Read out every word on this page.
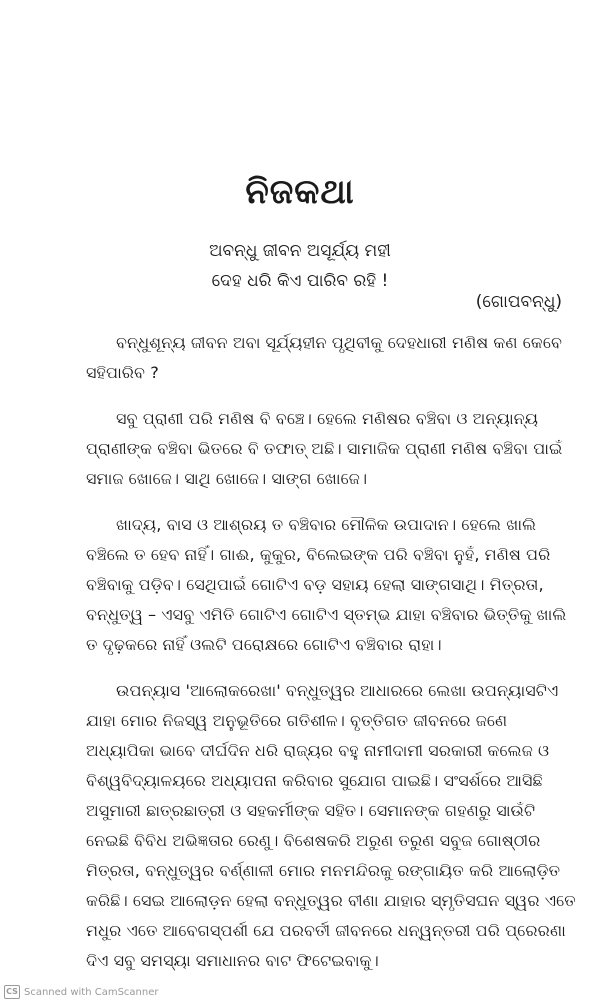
ନିଜକଥା
ଅବନ୍ଧୁ ଜୀବନ ଅସୂର୍ଯ୍ୟ ମହୀ
ଦେହ ଧରି କିଏ ପାରିବ ରହି !
(ଗୋପବନ୍ଧୁ)

ବନ୍ଧୁଶୂନ୍ୟ ଜୀବନ ଅବା ସୂର୍ଯ୍ୟହୀନ ପୃଥିବୀକୁ ଦେହଧାରୀ ମଣିଷ କଣ କେବେ ସହିପାରିବ ?

ସବୁ ପ୍ରାଣୀ ପରି ମଣିଷ ବି ବଞ୍ଚେ। ହେଲେ ମଣିଷର ବଞ୍ଚିବା ଓ ଅନ୍ୟାନ୍ୟ ପ୍ରାଣୀଙ୍କ ବଞ୍ଚିବା ଭିତରେ ବି ତଫାତ୍ ଅଛି। ସାମାଜିକ ପ୍ରାଣୀ ମଣିଷ ବଞ୍ଚିବା ପାଇଁ ସମାଜ ଖୋଜେ। ସାଥି ଖୋଜେ। ସାଙ୍ଗ ଖୋଜେ।

ଖାଦ୍ୟ, ବାସ ଓ ଆଶ୍ରୟ ତ ବଞ୍ଚିବାର ମୌଳିକ ଉପାଦାନ। ହେଲେ ଖାଲି ବଞ୍ଚିଲେ ତ ହେବ ନାହିଁ। ଗାଈ, କୁକୁର, ବିଲେଇଙ୍କ ପରି ବଞ୍ଚିବା ନୁହଁ, ମଣିଷ ପରି ବଞ୍ଚିବାକୁ ପଡ଼ିବ। ସେଥିପାଇଁ ଗୋଟିଏ ବଡ଼ ସହାୟ ହେଲା ସାଙ୍ଗସାଥି। ମିତ୍ରତା, ବନ୍ଧୁତ୍ୱ – ଏସବୁ ଏମିତି ଗୋଟିଏ ଗୋଟିଏ ସ୍ତମ୍ଭ ଯାହା ବଞ୍ଚିବାର ଭିତ୍ତିକୁ ଖାଲି ତ ଦୃଢ଼କରେ ନାହିଁ ଓଲଟି ପରୋକ୍ଷରେ ଗୋଟିଏ ବଞ୍ଚିବାର ରାହା।

ଉପନ୍ୟାସ 'ଆଲୋକରେଖା' ବନ୍ଧୁତ୍ୱର ଆଧାରରେ ଲେଖା ଉପନ୍ୟାସଟିଏ ଯାହା ମୋର ନିଜସ୍ୱ ଅନୁଭୂତିରେ ଗତିଶୀଳ। ବୃତ୍ତିଗତ ଜୀବନରେ ଜଣେ ଅଧ୍ୟାପିକା ଭାବେ ଦୀର୍ଘଦିନ ଧରି ରାଜ୍ୟର ବହୁ ନାମୀଦାମୀ ସରକାରୀ କଲେଜ ଓ ବିଶ୍ୱବିଦ୍ୟାଳୟରେ ଅଧ୍ୟାପନା କରିବାର ସୁଯୋଗ ପାଇଛି। ସଂସର୍ଶରେ ଆସିଛି ଅସୁମାରୀ ଛାତ୍ରଛାତ୍ରୀ ଓ ସହକର୍ମୀଙ୍କ ସହିତ। ସେମାନଙ୍କ ଗହଣରୁ ସାଉଁଟି ନେଇଛି ବିବିଧ ଅଭିଜ୍ଞତାର ରେଣୁ। ବିଶେଷକରି ଅରୁଣ ତରୁଣ ସବୁଜ ଗୋଷ୍ଠୀର ମିତ୍ରତା, ବନ୍ଧୁତ୍ୱର ବର୍ଣ୍ଣାଳୀ ମୋର ମନମନ୍ଦିରକୁ ରଙ୍ଗାୟିତ କରି ଆଲୋଡ଼ିତ କରିଛି। ସେଇ ଆଲୋଡ଼ନ ହେଲା ବନ୍ଧୁତ୍ୱର ବୀଣା ଯାହାର ସ୍ମୃତିସଘନ ସ୍ୱର ଏତେ ମଧୁର ଏତେ ଆବେଗସ୍ପର୍ଶୀ ଯେ ପରବର୍ତୀ ଜୀବନରେ ଧନ୍ୱନ୍ତରୀ ପରି ପ୍ରେରଣା ଦିଏ ସବୁ ସମସ୍ୟା ସମାଧାନର ବାଟ ଫିଟେଇବାକୁ।

CS Scanned with CamScanner
